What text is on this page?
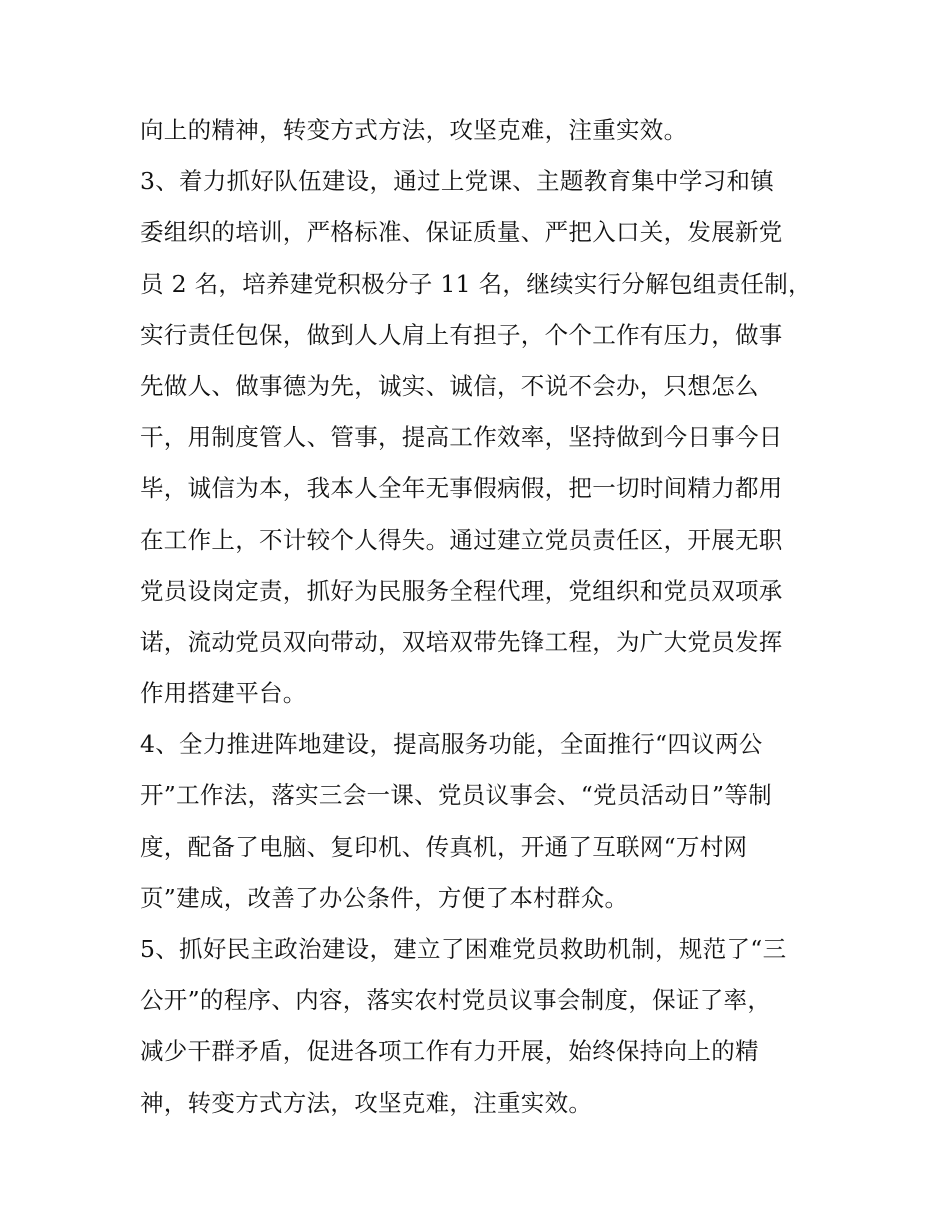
向上的精神，转变方式方法，攻坚克难，注重实效。
3、着力抓好队伍建设，通过上党课、主题教育集中学习和镇
委组织的培训，严格标准、保证质量、严把入口关，发展新党
员 2 名，培养建党积极分子 11 名，继续实行分解包组责任制，
实行责任包保，做到人人肩上有担子，个个工作有压力，做事
先做人、做事德为先，诚实、诚信，不说不会办，只想怎么
干，用制度管人、管事，提高工作效率，坚持做到今日事今日
毕，诚信为本，我本人全年无事假病假，把一切时间精力都用
在工作上，不计较个人得失。通过建立党员责任区，开展无职
党员设岗定责，抓好为民服务全程代理，党组织和党员双项承
诺，流动党员双向带动，双培双带先锋工程，为广大党员发挥
作用搭建平台。
4、全力推进阵地建设，提高服务功能，全面推行“四议两公
开”工作法，落实三会一课、党员议事会、“党员活动日”等制
度，配备了电脑、复印机、传真机，开通了互联网“万村网
页”建成，改善了办公条件，方便了本村群众。
5、抓好民主政治建设，建立了困难党员救助机制，规范了“三
公开”的程序、内容，落实农村党员议事会制度，保证了率，
减少干群矛盾，促进各项工作有力开展，始终保持向上的精
神，转变方式方法，攻坚克难，注重实效。
